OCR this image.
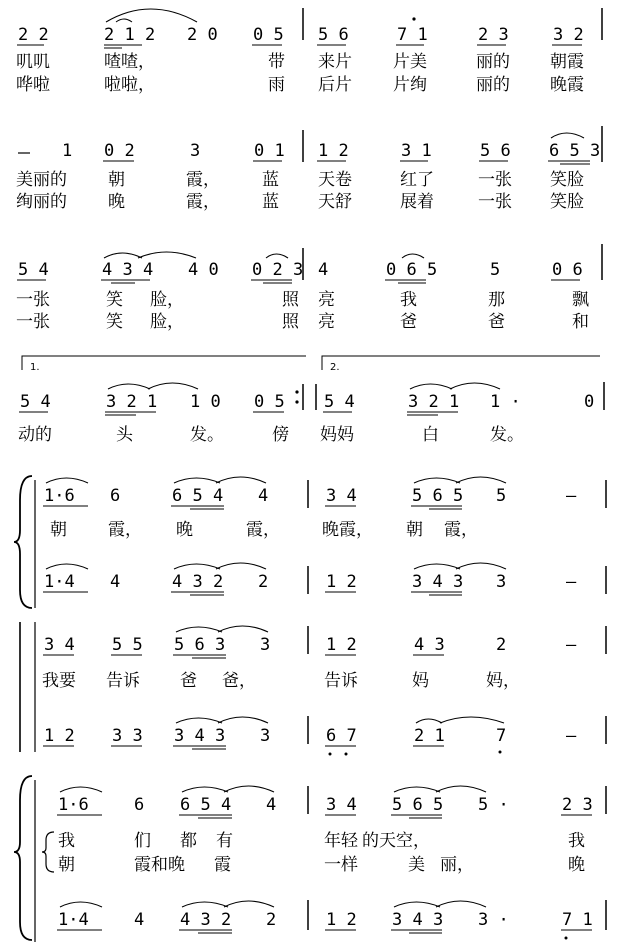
2 2	2 1 2 2 0 0 5 5 6	7 1	2 3	3 2
叽叽	喳喳，	带 来片 片美	丽的 朝霞
哗啦	啦啦，	雨 后片 片绚	丽的 晚霞
1 0 2	3	0 1 1 2	3 1	5 6 6 5 3
美丽的 朝	霞， 蓝 天卷	红了	一张 笑脸
绚丽的 晚	霞， 蓝 天舒	展着	一张 笑脸
5 4	4 3 4 4 0 0 2 3 4	0 6 5	5	0 6
一张	笑 脸，	照 亮	我	那	飘
一张	笑 脸，	照 亮	爸	爸	和
1.	2.
5 4	3 2 1 1 0 0 5 5 4	3 2 1 1 ·	0
动的	头	发。	傍 妈妈	白	发。
1·6 6	6 5 4 4	3 4	5 6 5 5	—
朝 霞， 晚	霞， 晚霞， 朝 霞，
1·4 4	4 3 2 2	1 2	3 4 3 3	—
3 4 5 5 5 6 3 3	1 2	4 3	2	—
我要 告诉 爸 爸，	告诉	妈	妈，
1 2 3 3 3 4 3 3	6 7	2 1	7	—
1·6	6 6 5 4 4	3 4 5 6 5 5 ·	2 3
我	们 都 有	年轻 的天空，	我
朝	霞和晚 霞	一样	美 丽，	晚
1·4	4 4 3 2 2	1 2 3 4 3 3 ·	7 1
